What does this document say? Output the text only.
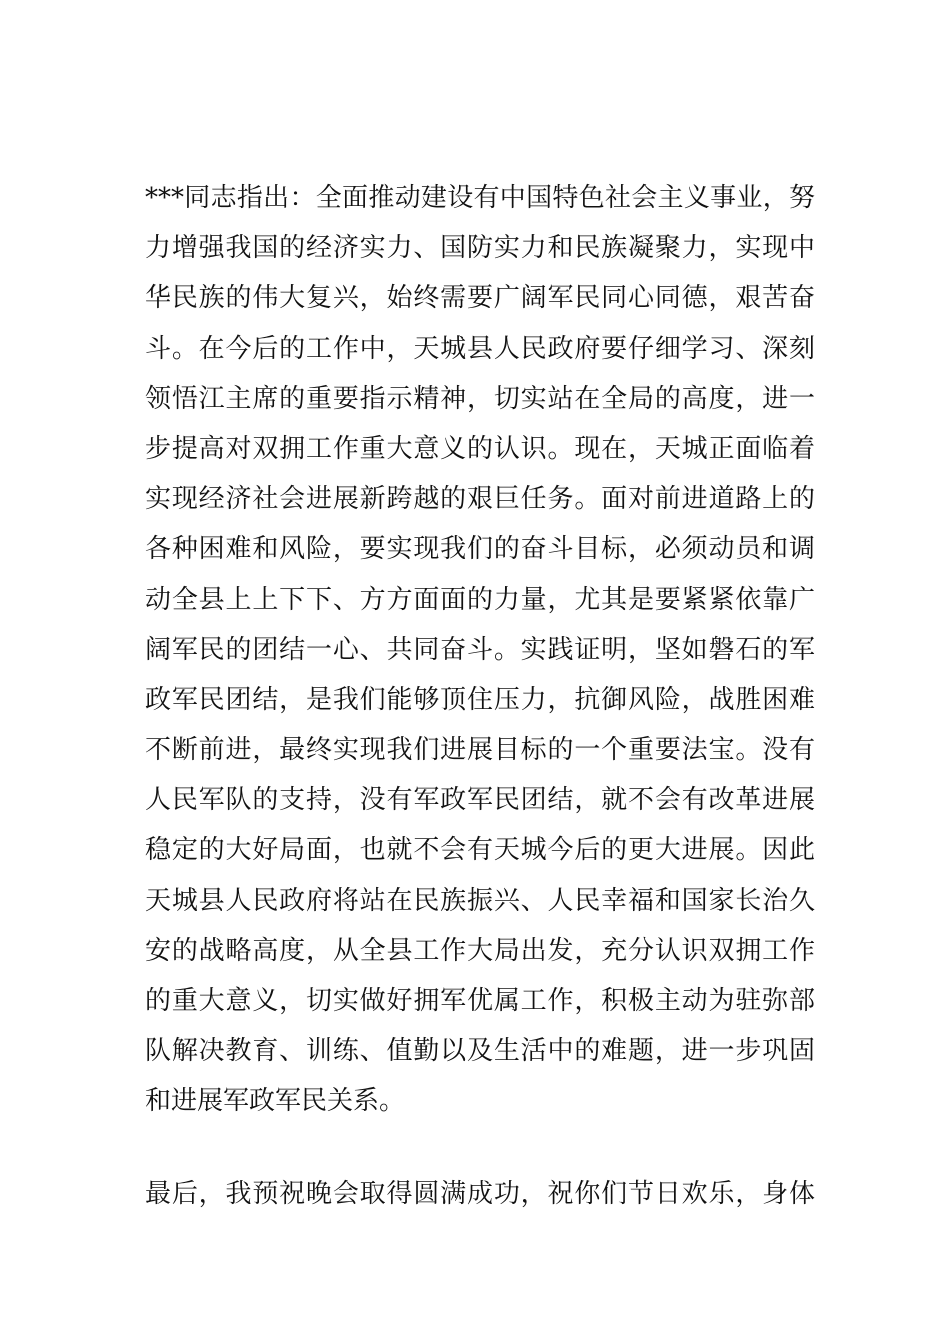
***同志指出：全面推动建设有中国特色社会主义事业，努
力增强我国的经济实力、国防实力和民族凝聚力，实现中
华民族的伟大复兴，始终需要广阔军民同心同德，艰苦奋
斗。在今后的工作中，天城县人民政府要仔细学习、深刻
领悟江主席的重要指示精神，切实站在全局的高度，进一
步提高对双拥工作重大意义的认识。现在，天城正面临着
实现经济社会进展新跨越的艰巨任务。面对前进道路上的
各种困难和风险，要实现我们的奋斗目标，必须动员和调
动全县上上下下、方方面面的力量，尤其是要紧紧依靠广
阔军民的团结一心、共同奋斗。实践证明，坚如磐石的军
政军民团结，是我们能够顶住压力，抗御风险，战胜困难
不断前进，最终实现我们进展目标的一个重要法宝。没有
人民军队的支持，没有军政军民团结，就不会有改革进展
稳定的大好局面，也就不会有天城今后的更大进展。因此
天城县人民政府将站在民族振兴、人民幸福和国家长治久
安的战略高度，从全县工作大局出发，充分认识双拥工作
的重大意义，切实做好拥军优属工作，积极主动为驻弥部
队解决教育、训练、值勤以及生活中的难题，进一步巩固
和进展军政军民关系。
最后，我预祝晚会取得圆满成功，祝你们节日欢乐，身体
